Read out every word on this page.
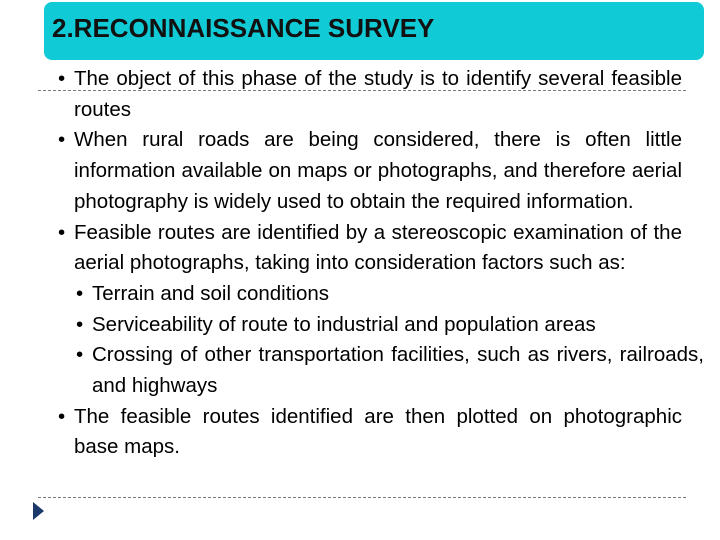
2.RECONNAISSANCE SURVEY
• The object of this phase of the study is to identify several feasible routes
• When rural roads are being considered, there is often little information available on maps or photographs, and therefore aerial photography is widely used to obtain the required information.
• Feasible routes are identified by a stereoscopic examination of the aerial photographs, taking into consideration factors such as:
• Terrain and soil conditions
• Serviceability of route to industrial and population areas
• Crossing of other transportation facilities, such as rivers, railroads, and highways
• The feasible routes identified are then plotted on photographic base maps.
